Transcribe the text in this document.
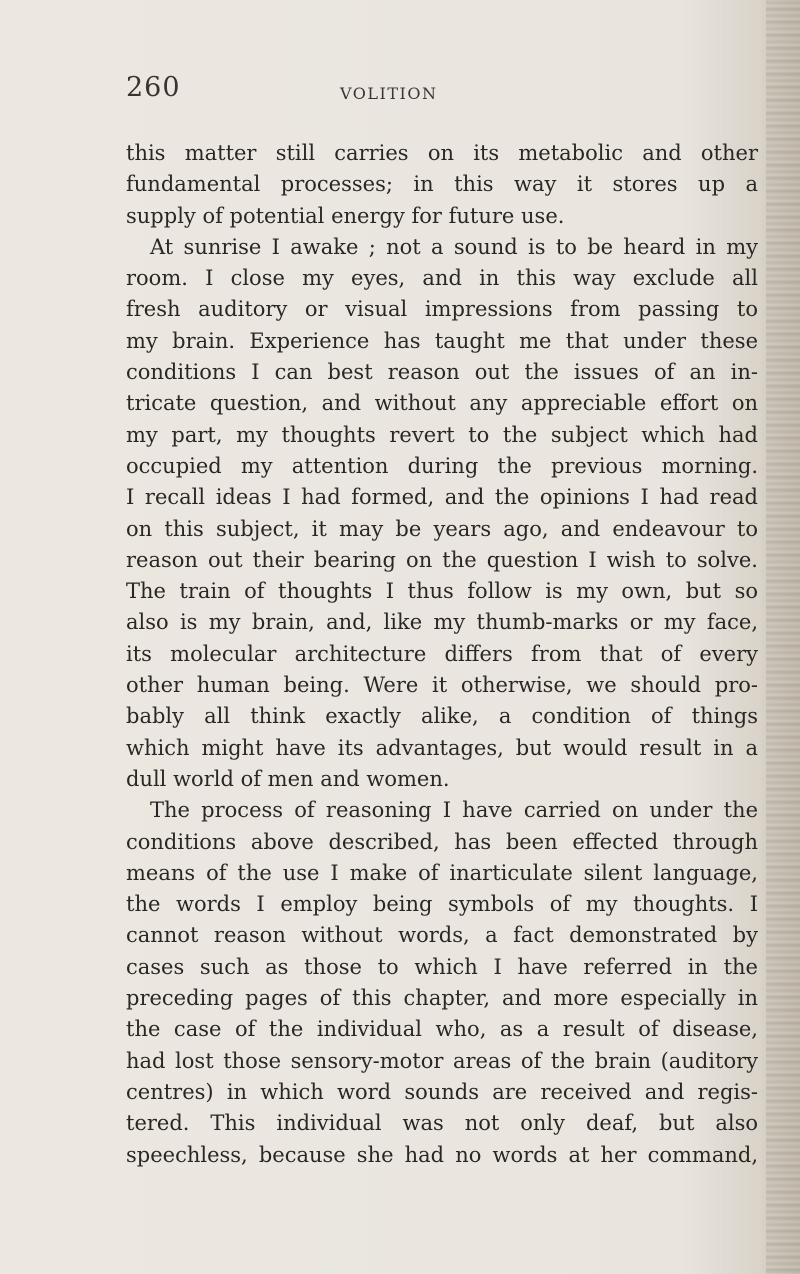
260	VOLITION
this matter still carries on its metabolic and other
fundamental processes; in this way it stores up a
supply of potential energy for future use.
At sunrise I awake ; not a sound is to be heard in my
room. I close my eyes, and in this way exclude all
fresh auditory or visual impressions from passing to
my brain. Experience has taught me that under these
conditions I can best reason out the issues of an in-
tricate question, and without any appreciable effort on
my part, my thoughts revert to the subject which had
occupied my attention during the previous morning.
I recall ideas I had formed, and the opinions I had read
on this subject, it may be years ago, and endeavour to
reason out their bearing on the question I wish to solve.
The train of thoughts I thus follow is my own, but so
also is my brain, and, like my thumb-marks or my face,
its molecular architecture differs from that of every
other human being. Were it otherwise, we should pro-
bably all think exactly alike, a condition of things
which might have its advantages, but would result in a
dull world of men and women.
The process of reasoning I have carried on under the
conditions above described, has been effected through
means of the use I make of inarticulate silent language,
the words I employ being symbols of my thoughts. I
cannot reason without words, a fact demonstrated by
cases such as those to which I have referred in the
preceding pages of this chapter, and more especially in
the case of the individual who, as a result of disease,
had lost those sensory-motor areas of the brain (auditory
centres) in which word sounds are received and regis-
tered. This individual was not only deaf, but also
speechless, because she had no words at her command,
